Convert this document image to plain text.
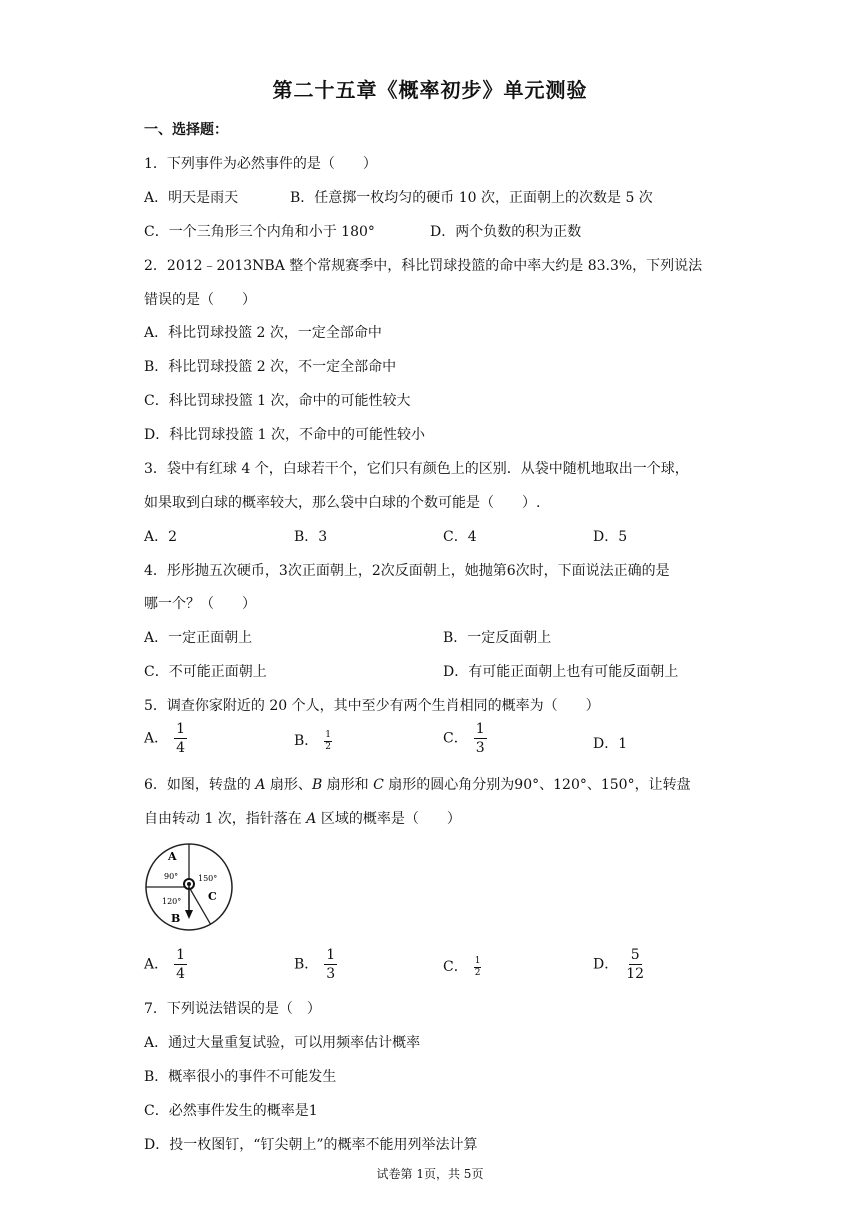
第二十五章《概率初步》单元测验
一、选择题：
1．下列事件为必然事件的是（　　）
A．明天是雨天	B．任意掷一枚均匀的硬币 10 次，正面朝上的次数是 5 次
C．一个三角形三个内角和小于 180°	D．两个负数的积为正数
2．2012﹣2013NBA 整个常规赛季中，科比罚球投篮的命中率大约是 83.3%，下列说法
错误的是（　　）
A．科比罚球投篮 2 次，一定全部命中
B．科比罚球投篮 2 次，不一定全部命中
C．科比罚球投篮 1 次，命中的可能性较大
D．科比罚球投篮 1 次，不命中的可能性较小
3．袋中有红球 4 个，白球若干个，它们只有颜色上的区别．从袋中随机地取出一个球，
如果取到白球的概率较大，那么袋中白球的个数可能是（　　）.
A．2	B．3	C．4	D．5
4．彤彤抛五次硬币，3次正面朝上，2次反面朝上，她抛第6次时，下面说法正确的是
哪一个？（　　）
A．一定正面朝上	B．一定反面朝上
C．不可能正面朝上	D．有可能正面朝上也有可能反面朝上
5．调查你家附近的 20 个人，其中至少有两个生肖相同的概率为（　　）
A． $\frac{1}{4}$	B． $\frac{1}{2}$	C． $\frac{1}{3}$	D．1
6．如图，转盘的 A 扇形、B 扇形和 C 扇形的圆心角分别为90°、120°、150°，让转盘
自由转动 1 次，指针落在 A 区域的概率是（　　）
A
90° 150°
C
120°
B
A． $\frac{1}{4}$	B． $\frac{1}{3}$	C． $\frac{1}{2}$	D． $\frac{5}{12}$
7．下列说法错误的是（　）
A．通过大量重复试验，可以用频率估计概率
B．概率很小的事件不可能发生
C．必然事件发生的概率是1
D．投一枚图钉，“钉尖朝上”的概率不能用列举法计算
试卷第 1页，共 5页
